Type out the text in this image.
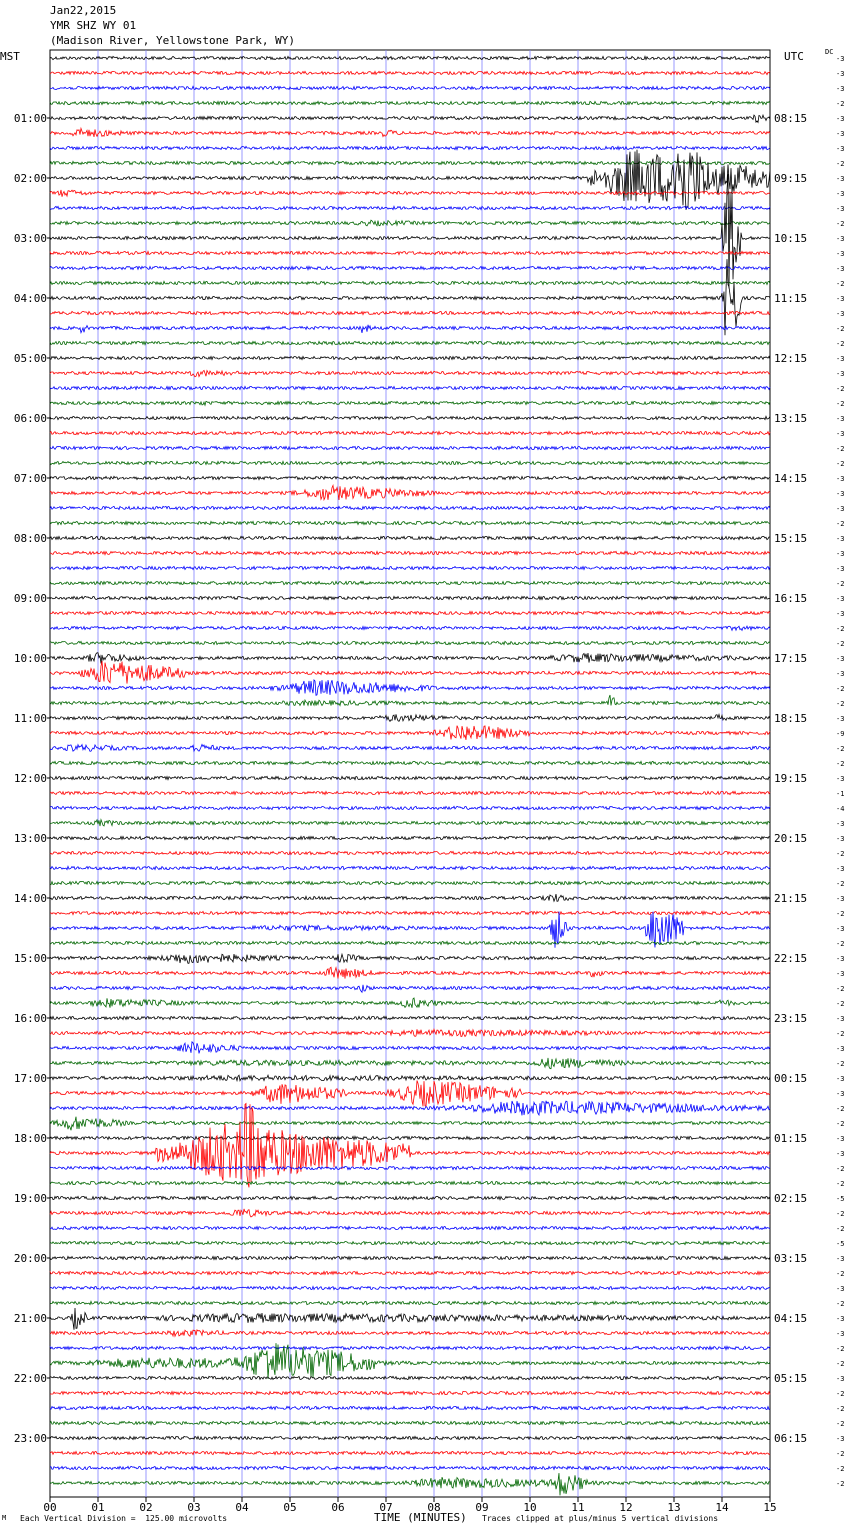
00	01	02	03	04	05	06	07	08	09	10	11	12	13	14	15
-3
-3
-3
-2
-3
01:00	08:15
-3
-3
-2
-3
02:00	09:15
-3
-3
-2
-3
03:00	10:15
-3
-3
-2
-3
04:00	11:15
-3
-2
-2
-3
05:00	12:15
-3
-2
-2
-3
06:00	13:15
-3
-2
-2
-3
07:00	14:15
-3
-3
-2
-3
08:00	15:15
-3
-3
-2
-3
09:00	16:15
-3
-2
-2
-3
10:00	17:15
-3
-2
-2
-3
11:00	18:15
-9
-2
-2
-3
12:00	19:15
-1
-4
-3
-3
13:00	20:15
-2
-3
-2
-3
14:00	21:15
-2
-3
-2
-3
15:00	22:15
-3
-2
-2
-3
16:00	23:15
-2
-3
-2
-3
17:00	00:15
-3
-2
-2
-3
18:00	01:15
-3
-2
-2
-5
19:00	02:15
-2
-2
-5
-3
20:00	03:15
-2
-3
-2
-3
21:00	04:15
-3
-2
-2
-3
22:00	05:15
-2
-2
-2
-3
23:00	06:15
-2
-2
-2
Jan22,2015
YMR SHZ WY 01
(Madison River, Yellowstone Park, WY)
MST	UTC	DC
M Each Vertical Division =  125.00 microvolts	TIME (MINUTES) Traces clipped at plus/minus 5 vertical divisions
